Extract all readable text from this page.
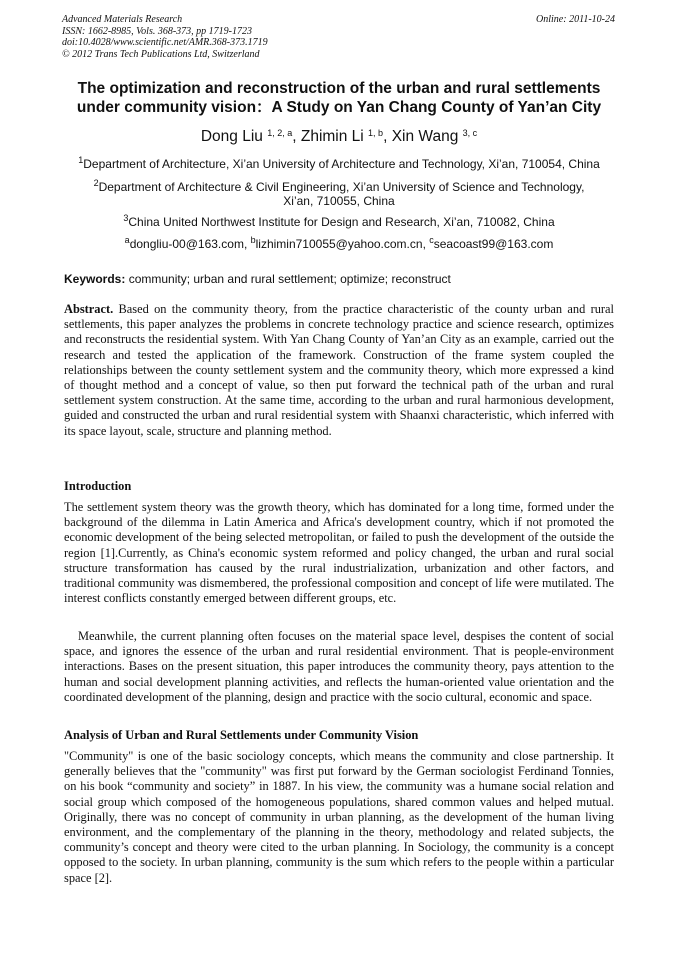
Advanced Materials Research
ISSN: 1662-8985, Vols. 368-373, pp 1719-1723
doi:10.4028/www.scientific.net/AMR.368-373.1719
© 2012 Trans Tech Publications Ltd, Switzerland
Online: 2011-10-24
The optimization and reconstruction of the urban and rural settlements
under community vision：A Study on Yan Chang County of Yan’an City
Dong Liu $^{1, 2, a}$, Zhimin Li $^{1, b}$, Xin Wang $^{3, c}$
$^1$Department of Architecture, Xi’an University of Architecture and Technology, Xi’an, 710054, China
$^2$Department of Architecture & Civil Engineering, Xi’an University of Science and Technology,
Xi’an, 710055, China
$^3$China United Northwest Institute for Design and Research, Xi’an, 710082, China
$^a$dongliu-00@163.com, $^b$lizhimin710055@yahoo.com.cn, $^c$seacoast99@163.com
Keywords: community; urban and rural settlement; optimize; reconstruct

Abstract. Based on the community theory, from the practice characteristic of the county urban and rural settlements, this paper analyzes the problems in concrete technology practice and science research, optimizes and reconstructs the residential system. With Yan Chang County of Yan’an City as an example, carried out the research and tested the application of the framework. Construction of the frame system coupled the relationships between the county settlement system and the community theory, which more expressed a kind of thought method and a concept of value, so then put forward the technical path of the urban and rural settlement system construction. At the same time, according to the urban and rural harmonious development, guided and constructed the urban and rural residential system with Shaanxi characteristic, which inferred with its space layout, scale, structure and planning method.

Introduction

The settlement system theory was the growth theory, which has dominated for a long time, formed under the background of the dilemma in Latin America and Africa's development country, which if not promoted the economic development of the being selected metropolitan, or failed to push the development of the outside the region [1].Currently, as China's economic system reformed and policy changed, the urban and rural social structure transformation has caused by the rural industrialization, urbanization and other factors, and traditional community was dismembered, the professional composition and concept of life were mutilated. The interest conflicts constantly emerged between different groups, etc.

Meanwhile, the current planning often focuses on the material space level, despises the content of social space, and ignores the essence of the urban and rural residential environment. That is people-environment interactions. Bases on the present situation, this paper introduces the community theory, pays attention to the human and social development planning activities, and reflects the human-oriented value orientation and the coordinated development of the planning, design and practice with the socio cultural, economic and space.

Analysis of Urban and Rural Settlements under Community Vision

"Community" is one of the basic sociology concepts, which means the community and close partnership. It generally believes that the "community" was first put forward by the German sociologist Ferdinand Tonnies, on his book “community and society” in 1887. In his view, the community was a humane social relation and social group which composed of the homogeneous populations, shared common values and helped mutual. Originally, there was no concept of community in urban planning, as the development of the human living environment, and the complementary of the planning in the theory, methodology and related subjects, the community’s concept and theory were cited to the urban planning. In Sociology, the community is a concept opposed to the society. In urban planning, community is the sum which refers to the people within a particular space [2].
